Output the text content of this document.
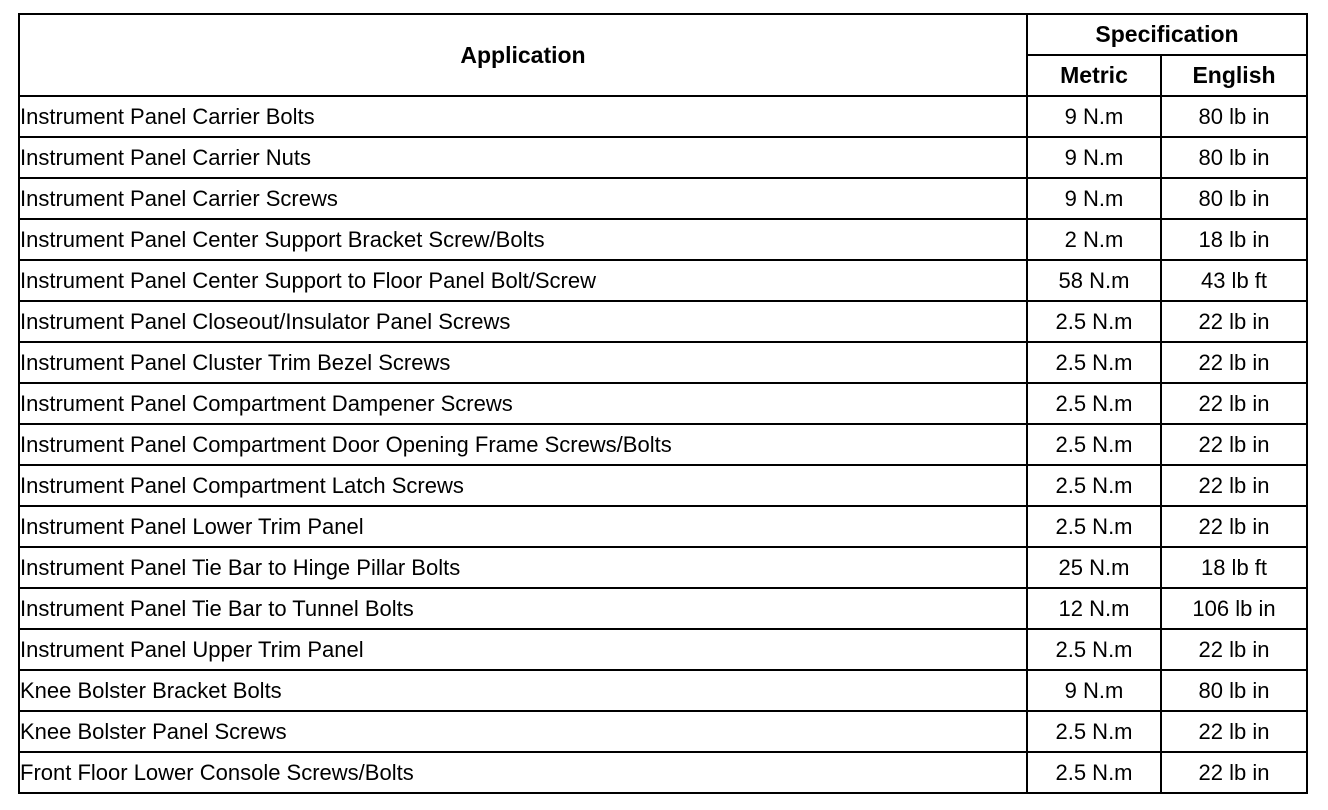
Application	Specification	
	Metric	English
Instrument Panel Carrier Bolts	9 N.m	80 lb in
Instrument Panel Carrier Nuts	9 N.m	80 lb in
Instrument Panel Carrier Screws	9 N.m	80 lb in
Instrument Panel Center Support Bracket Screw/Bolts	2 N.m	18 lb in
Instrument Panel Center Support to Floor Panel Bolt/Screw	58 N.m	43 lb ft
Instrument Panel Closeout/Insulator Panel Screws	2.5 N.m	22 lb in
Instrument Panel Cluster Trim Bezel Screws	2.5 N.m	22 lb in
Instrument Panel Compartment Dampener Screws	2.5 N.m	22 lb in
Instrument Panel Compartment Door Opening Frame Screws/Bolts	2.5 N.m	22 lb in
Instrument Panel Compartment Latch Screws	2.5 N.m	22 lb in
Instrument Panel Lower Trim Panel	2.5 N.m	22 lb in
Instrument Panel Tie Bar to Hinge Pillar Bolts	25 N.m	18 lb ft
Instrument Panel Tie Bar to Tunnel Bolts	12 N.m	106 lb in
Instrument Panel Upper Trim Panel	2.5 N.m	22 lb in
Knee Bolster Bracket Bolts	9 N.m	80 lb in
Knee Bolster Panel Screws	2.5 N.m	22 lb in
Front Floor Lower Console Screws/Bolts	2.5 N.m	22 lb in
